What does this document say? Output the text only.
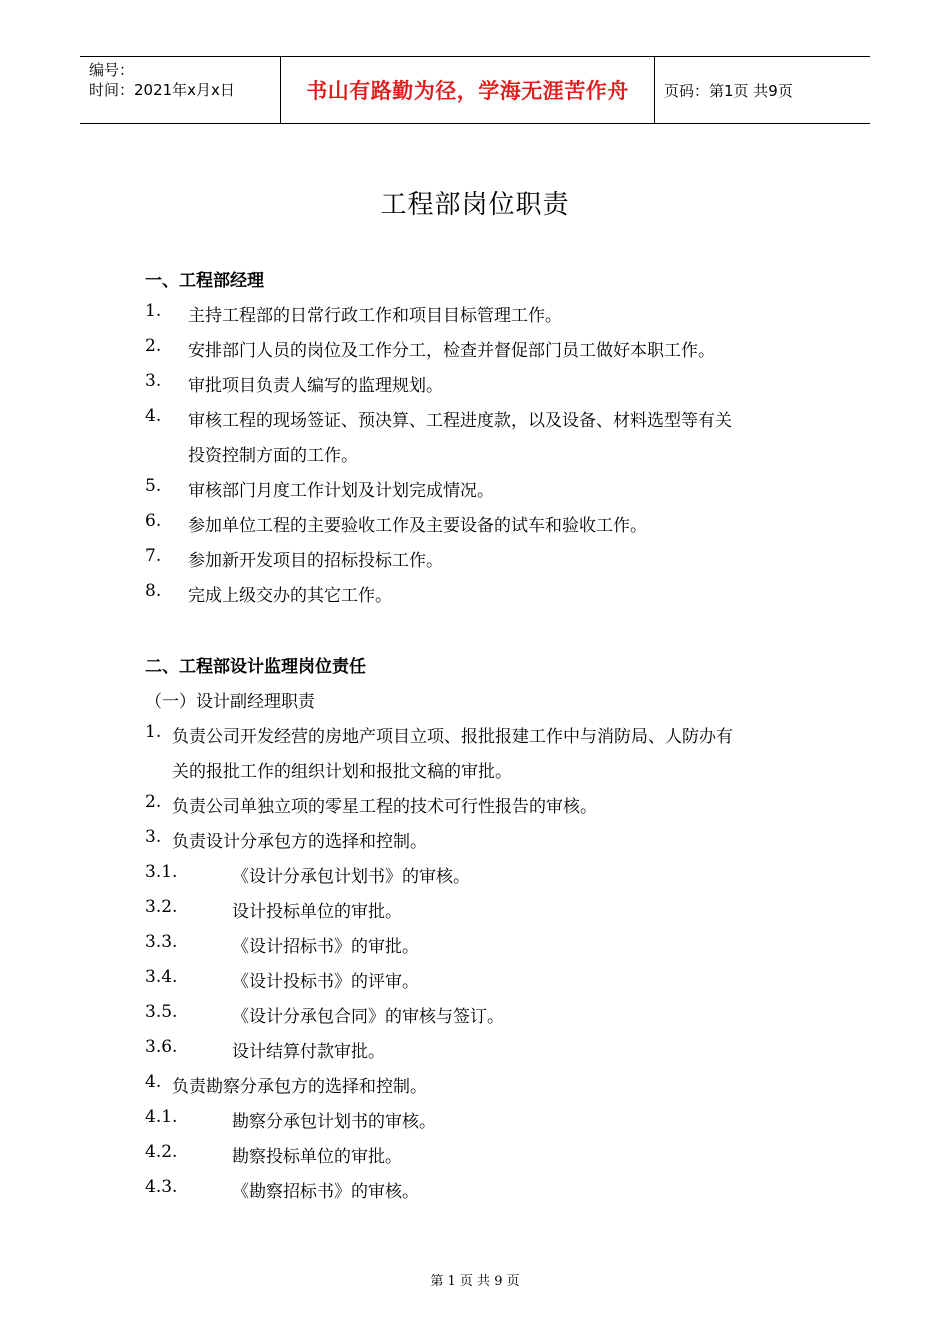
编号：
时间：2021年x月x日	书山有路勤为径，学海无涯苦作舟	页码：第1页 共9页
工程部岗位职责
一、工程部经理
1. 主持工程部的日常行政工作和项目目标管理工作。
2. 安排部门人员的岗位及工作分工，检查并督促部门员工做好本职工作。
3. 审批项目负责人编写的监理规划。
4. 审核工程的现场签证、预决算、工程进度款，以及设备、材料选型等有关
投资控制方面的工作。
5. 审核部门月度工作计划及计划完成情况。
6. 参加单位工程的主要验收工作及主要设备的试车和验收工作。
7. 参加新开发项目的招标投标工作。
8. 完成上级交办的其它工作。
二、工程部设计监理岗位责任
（一）设计副经理职责
1. 负责公司开发经营的房地产项目立项、报批报建工作中与消防局、人防办有
关的报批工作的组织计划和报批文稿的审批。
2. 负责公司单独立项的零星工程的技术可行性报告的审核。
3. 负责设计分承包方的选择和控制。
3.1.	《设计分承包计划书》的审核。
3.2.	设计投标单位的审批。
3.3.	《设计招标书》的审批。
3.4.	《设计投标书》的评审。
3.5.	《设计分承包合同》的审核与签订。
3.6.	设计结算付款审批。
4. 负责勘察分承包方的选择和控制。
4.1.	勘察分承包计划书的审核。
4.2.	勘察投标单位的审批。
4.3.	《勘察招标书》的审核。
第 1 页 共 9 页
